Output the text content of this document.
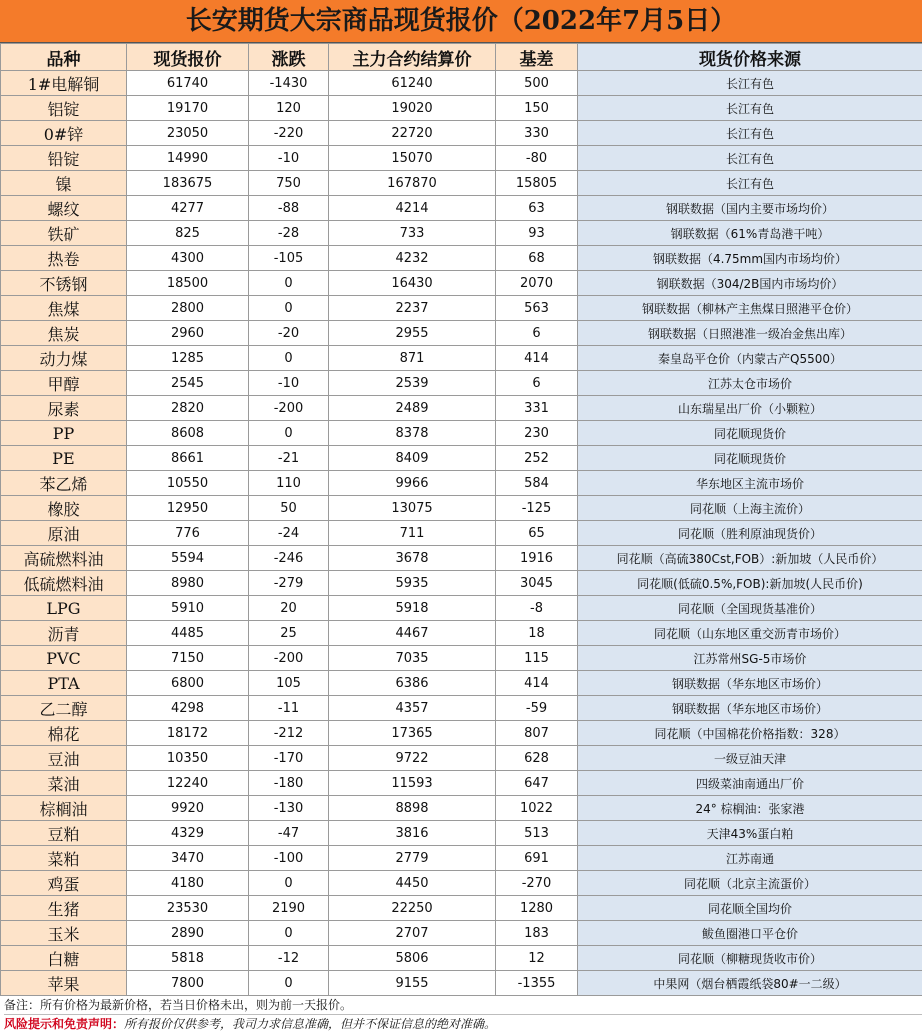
长安期货大宗商品现货报价（2022年7月5日）
品种	现货报价	涨跌	主力合约结算价	基差	现货价格来源
1#电解铜	61740	-1430	61240	500	长江有色
铝锭	19170	120	19020	150	长江有色
0#锌	23050	-220	22720	330	长江有色
铅锭	14990	-10	15070	-80	长江有色
镍	183675	750	167870	15805	长江有色
螺纹	4277	-88	4214	63	钢联数据（国内主要市场均价）
铁矿	825	-28	733	93	钢联数据（61%青岛港干吨）
热卷	4300	-105	4232	68	钢联数据（4.75mm国内市场均价）
不锈钢	18500	0	16430	2070	钢联数据（304/2B国内市场均价）
焦煤	2800	0	2237	563	钢联数据（柳林产主焦煤日照港平仓价）
焦炭	2960	-20	2955	6	钢联数据（日照港准一级冶金焦出库）
动力煤	1285	0	871	414	秦皇岛平仓价（内蒙古产Q5500）
甲醇	2545	-10	2539	6	江苏太仓市场价
尿素	2820	-200	2489	331	山东瑞星出厂价（小颗粒）
PP	8608	0	8378	230	同花顺现货价
PE	8661	-21	8409	252	同花顺现货价
苯乙烯	10550	110	9966	584	华东地区主流市场价
橡胶	12950	50	13075	-125	同花顺（上海主流价）
原油	776	-24	711	65	同花顺（胜利原油现货价）
高硫燃料油	5594	-246	3678	1916	同花顺（高硫380Cst,FOB）:新加坡（人民币价）
低硫燃料油	8980	-279	5935	3045	同花顺(低硫0.5%,FOB):新加坡(人民币价)
LPG	5910	20	5918	-8	同花顺（全国现货基准价）
沥青	4485	25	4467	18	同花顺（山东地区重交沥青市场价）
PVC	7150	-200	7035	115	江苏常州SG-5市场价
PTA	6800	105	6386	414	钢联数据（华东地区市场价）
乙二醇	4298	-11	4357	-59	钢联数据（华东地区市场价）
棉花	18172	-212	17365	807	同花顺（中国棉花价格指数：328）
豆油	10350	-170	9722	628	一级豆油天津
菜油	12240	-180	11593	647	四级菜油南通出厂价
棕榈油	9920	-130	8898	1022	24° 棕榈油：张家港
豆粕	4329	-47	3816	513	天津43%蛋白粕
菜粕	3470	-100	2779	691	江苏南通
鸡蛋	4180	0	4450	-270	同花顺（北京主流蛋价）
生猪	23530	2190	22250	1280	同花顺全国均价
玉米	2890	0	2707	183	鲅鱼圈港口平仓价
白糖	5818	-12	5806	12	同花顺（柳糖现货收市价）
苹果	7800	0	9155	-1355	中果网（烟台栖霞纸袋80#一二级）
备注：所有价格为最新价格，若当日价格未出，则为前一天报价。
风险提示和免责声明：所有报价仅供参考，我司力求信息准确，但并不保证信息的绝对准确。
